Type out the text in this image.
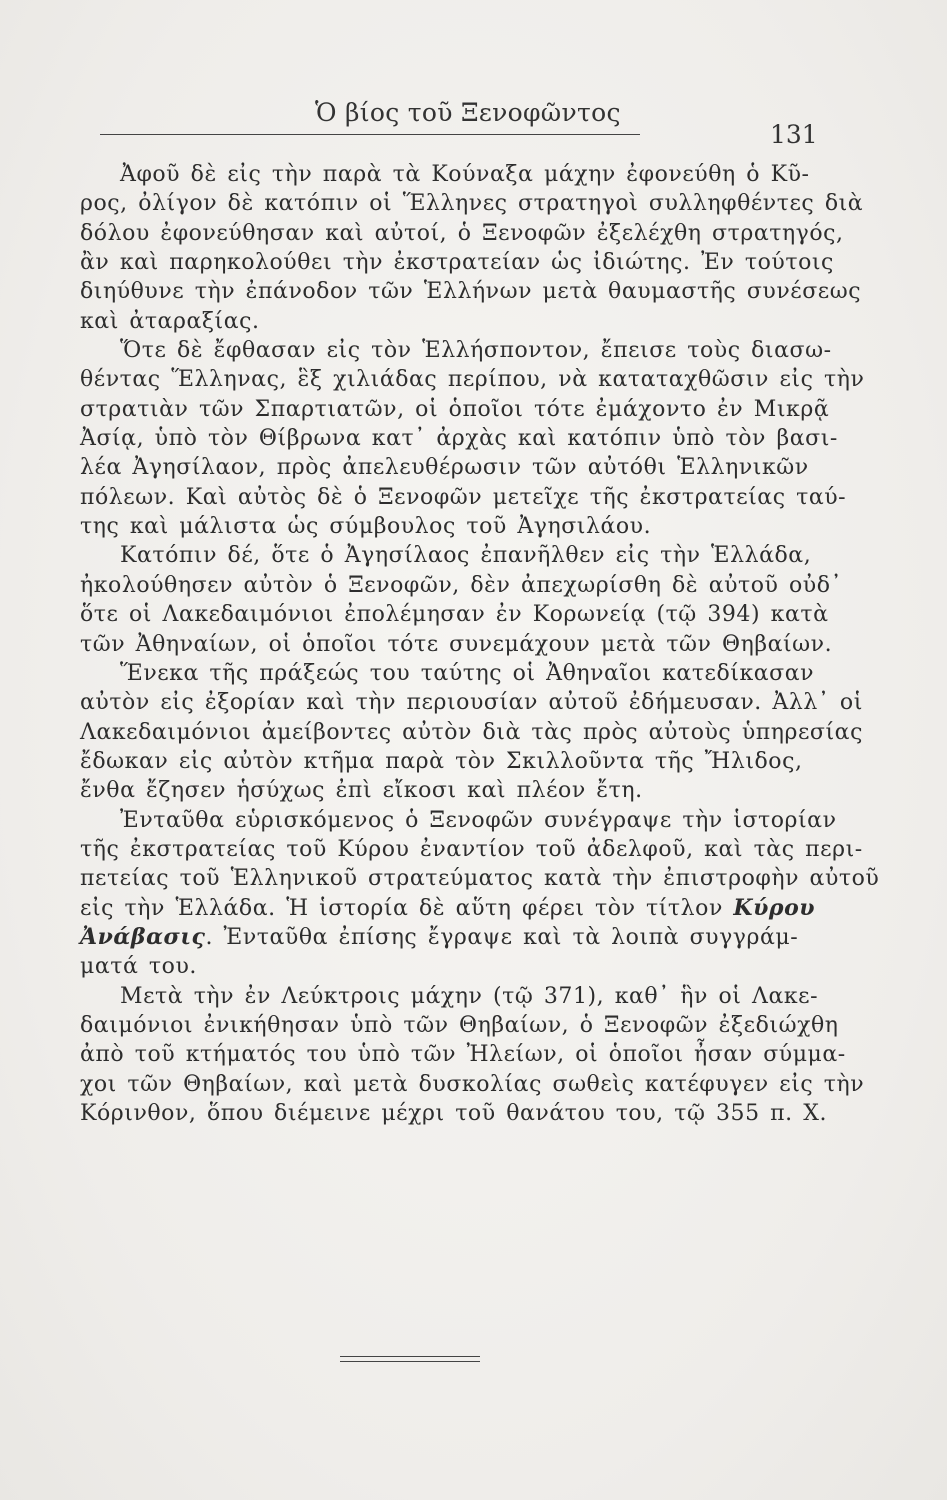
Ὁ βίος τοῦ Ξενοφῶντος
131
Ἀφοῦ δὲ εἰς τὴν παρὰ τὰ Κούναξα μάχην ἐφονεύθη ὁ Κῦ-
ρος, ὀλίγον δὲ κατόπιν οἱ Ἕλληνες στρατηγοὶ συλληφθέντες διὰ
δόλου ἐφονεύθησαν καὶ αὐτοί, ὁ Ξενοφῶν ἐξελέχθη στρατηγός,
ἂν καὶ παρηκολούθει τὴν ἐκστρατείαν ὡς ἰδιώτης. Ἐν τούτοις
διηύθυνε τὴν ἐπάνοδον τῶν Ἑλλήνων μετὰ θαυμαστῆς συνέσεως
καὶ ἀταραξίας.
Ὅτε δὲ ἔφθασαν εἰς τὸν Ἑλλήσποντον, ἔπεισε τοὺς διασω-
θέντας Ἕλληνας, ἓξ χιλιάδας περίπου, νὰ καταταχθῶσιν εἰς τὴν
στρατιὰν τῶν Σπαρτιατῶν, οἱ ὁποῖοι τότε ἐμάχοντο ἐν Μικρᾷ
Ἀσίᾳ, ὑπὸ τὸν Θίβρωνα κατ᾿ ἀρχὰς καὶ κατόπιν ὑπὸ τὸν βασι-
λέα Ἀγησίλαον, πρὸς ἀπελευθέρωσιν τῶν αὐτόθι Ἑλληνικῶν
πόλεων. Καὶ αὐτὸς δὲ ὁ Ξενοφῶν μετεῖχε τῆς ἐκστρατείας ταύ-
της καὶ μάλιστα ὡς σύμβουλος τοῦ Ἀγησιλάου.
Κατόπιν δέ, ὅτε ὁ Ἀγησίλαος ἐπανῆλθεν εἰς τὴν Ἑλλάδα,
ἠκολούθησεν αὐτὸν ὁ Ξενοφῶν, δὲν ἀπεχωρίσθη δὲ αὐτοῦ οὐδ᾿
ὅτε οἱ Λακεδαιμόνιοι ἐπολέμησαν ἐν Κορωνείᾳ (τῷ 394) κατὰ
τῶν Ἀθηναίων, οἱ ὁποῖοι τότε συνεμάχουν μετὰ τῶν Θηβαίων.
Ἕνεκα τῆς πράξεώς του ταύτης οἱ Ἀθηναῖοι κατεδίκασαν
αὐτὸν εἰς ἐξορίαν καὶ τὴν περιουσίαν αὐτοῦ ἐδήμευσαν. Ἀλλ᾿ οἱ
Λακεδαιμόνιοι ἀμείβοντες αὐτὸν διὰ τὰς πρὸς αὐτοὺς ὑπηρεσίας
ἔδωκαν εἰς αὐτὸν κτῆμα παρὰ τὸν Σκιλλοῦντα τῆς Ἤλιδος,
ἔνθα ἔζησεν ἡσύχως ἐπὶ εἴκοσι καὶ πλέον ἔτη.
Ἐνταῦθα εὑρισκόμενος ὁ Ξενοφῶν συνέγραψε τὴν ἱστορίαν
τῆς ἐκστρατείας τοῦ Κύρου ἐναντίον τοῦ ἀδελφοῦ, καὶ τὰς περι-
πετείας τοῦ Ἑλληνικοῦ στρατεύματος κατὰ τὴν ἐπιστροφὴν αὐτοῦ
εἰς τὴν Ἑλλάδα. Ἡ ἱστορία δὲ αὕτη φέρει τὸν τίτλον Κύρου
Ἀνάβασις. Ἐνταῦθα ἐπίσης ἔγραψε καὶ τὰ λοιπὰ συγγράμ-
ματά του.
Μετὰ τὴν ἐν Λεύκτροις μάχην (τῷ 371), καθ᾿ ἣν οἱ Λακε-
δαιμόνιοι ἐνικήθησαν ὑπὸ τῶν Θηβαίων, ὁ Ξενοφῶν ἐξεδιώχθη
ἀπὸ τοῦ κτήματός του ὑπὸ τῶν Ἠλείων, οἱ ὁποῖοι ἦσαν σύμμα-
χοι τῶν Θηβαίων, καὶ μετὰ δυσκολίας σωθεὶς κατέφυγεν εἰς τὴν
Κόρινθον, ὅπου διέμεινε μέχρι τοῦ θανάτου του, τῷ 355 π. Χ.
